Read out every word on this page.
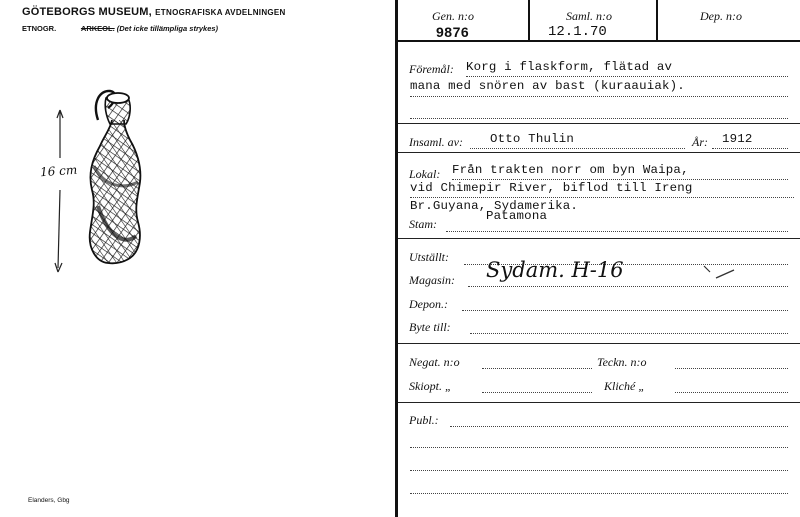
GÖTEBORGS MUSEUM, ETNOGRAFISKA AVDELNINGEN
ETNOGR.	ARKEOL. (Det icke tillämpliga strykes)
16 cm
Elanders, Gbg
Gen. n:o
9876
Saml. n:o
12.1.70
Dep. n:o
Föremål: Korg i flaskform, flätad av
mana med snören av bast (kuraauiak).
Insaml. av: Otto Thulin	År: 1912
Lokal: Från trakten norr om byn Waipa,
vid Chimepir River, biflod till Ireng
Br.Guyana, Sydamerika.
Stam:
Patamona
Utställt:
Magasin: Sydam. H-16
Depon.:
Byte till:
Negat. n:o	Teckn. n:o
Skiopt. „	Kliché „
Publ.:
